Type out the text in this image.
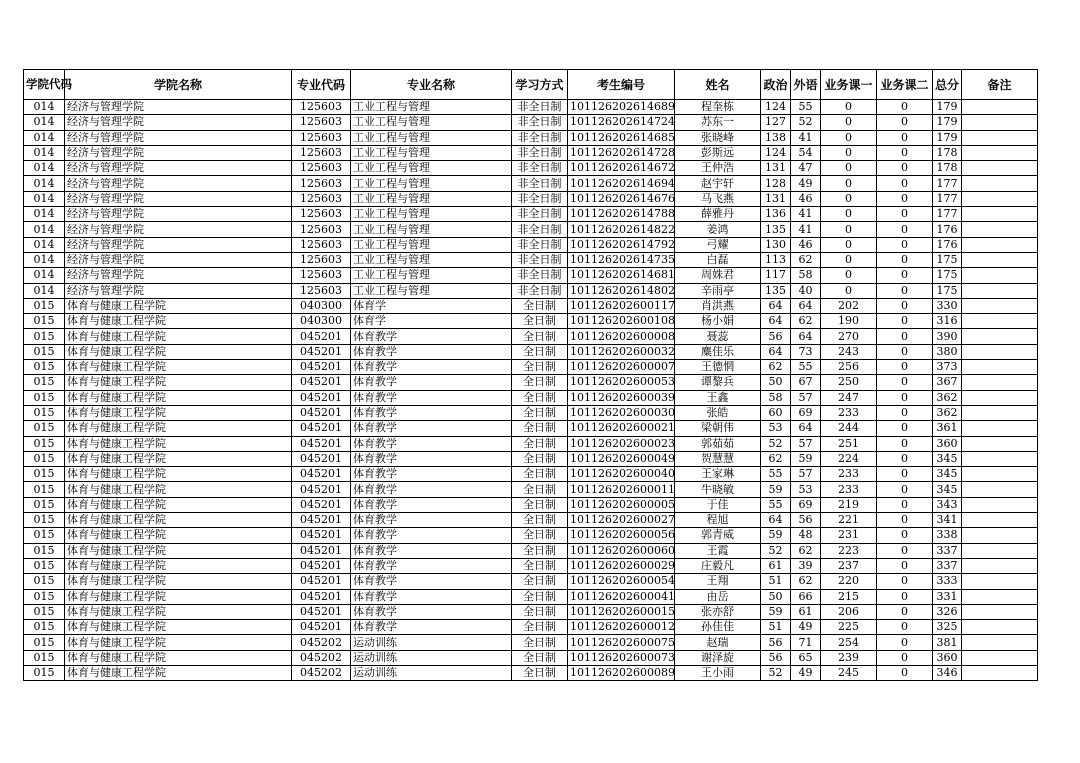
学院代码	学院名称	专业代码	专业名称	学习方式	考生编号	姓名	政治	外语	业务课一	业务课二	总分	备注
014	经济与管理学院	125603	工业工程与管理	非全日制	101126202614689	程奎栋	124	55	0	0	179	
014	经济与管理学院	125603	工业工程与管理	非全日制	101126202614724	苏东一	127	52	0	0	179	
014	经济与管理学院	125603	工业工程与管理	非全日制	101126202614685	张晓峰	138	41	0	0	179	
014	经济与管理学院	125603	工业工程与管理	非全日制	101126202614728	彭斯远	124	54	0	0	178	
014	经济与管理学院	125603	工业工程与管理	非全日制	101126202614672	王仲浩	131	47	0	0	178	
014	经济与管理学院	125603	工业工程与管理	非全日制	101126202614694	赵宇轩	128	49	0	0	177	
014	经济与管理学院	125603	工业工程与管理	非全日制	101126202614676	马飞燕	131	46	0	0	177	
014	经济与管理学院	125603	工业工程与管理	非全日制	101126202614788	薛雅丹	136	41	0	0	177	
014	经济与管理学院	125603	工业工程与管理	非全日制	101126202614822	姜鸿	135	41	0	0	176	
014	经济与管理学院	125603	工业工程与管理	非全日制	101126202614792	弓耀	130	46	0	0	176	
014	经济与管理学院	125603	工业工程与管理	非全日制	101126202614735	白磊	113	62	0	0	175	
014	经济与管理学院	125603	工业工程与管理	非全日制	101126202614681	周姝君	117	58	0	0	175	
014	经济与管理学院	125603	工业工程与管理	非全日制	101126202614802	辛雨亭	135	40	0	0	175	
015	体育与健康工程学院	040300	体育学	全日制	101126202600117	肖洪燕	64	64	202	0	330	
015	体育与健康工程学院	040300	体育学	全日制	101126202600108	杨小娟	64	62	190	0	316	
015	体育与健康工程学院	045201	体育教学	全日制	101126202600008	聂蕊	56	64	270	0	390	
015	体育与健康工程学院	045201	体育教学	全日制	101126202600032	麋佳乐	64	73	243	0	380	
015	体育与健康工程学院	045201	体育教学	全日制	101126202600007	王德惘	62	55	256	0	373	
015	体育与健康工程学院	045201	体育教学	全日制	101126202600053	谭黎兵	50	67	250	0	367	
015	体育与健康工程学院	045201	体育教学	全日制	101126202600039	王鑫	58	57	247	0	362	
015	体育与健康工程学院	045201	体育教学	全日制	101126202600030	张皓	60	69	233	0	362	
015	体育与健康工程学院	045201	体育教学	全日制	101126202600021	梁朝伟	53	64	244	0	361	
015	体育与健康工程学院	045201	体育教学	全日制	101126202600023	郭茹茹	52	57	251	0	360	
015	体育与健康工程学院	045201	体育教学	全日制	101126202600049	贺慧慧	62	59	224	0	345	
015	体育与健康工程学院	045201	体育教学	全日制	101126202600040	王家琳	55	57	233	0	345	
015	体育与健康工程学院	045201	体育教学	全日制	101126202600011	牛晓敏	59	53	233	0	345	
015	体育与健康工程学院	045201	体育教学	全日制	101126202600005	于佳	55	69	219	0	343	
015	体育与健康工程学院	045201	体育教学	全日制	101126202600027	程旭	64	56	221	0	341	
015	体育与健康工程学院	045201	体育教学	全日制	101126202600056	郭青威	59	48	231	0	338	
015	体育与健康工程学院	045201	体育教学	全日制	101126202600060	王霞	52	62	223	0	337	
015	体育与健康工程学院	045201	体育教学	全日制	101126202600029	庄毅凡	61	39	237	0	337	
015	体育与健康工程学院	045201	体育教学	全日制	101126202600054	王翔	51	62	220	0	333	
015	体育与健康工程学院	045201	体育教学	全日制	101126202600041	由岳	50	66	215	0	331	
015	体育与健康工程学院	045201	体育教学	全日制	101126202600015	张亦舒	59	61	206	0	326	
015	体育与健康工程学院	045201	体育教学	全日制	101126202600012	孙佳佳	51	49	225	0	325	
015	体育与健康工程学院	045202	运动训练	全日制	101126202600075	赵瑞	56	71	254	0	381	
015	体育与健康工程学院	045202	运动训练	全日制	101126202600073	谢泽旋	56	65	239	0	360	
015	体育与健康工程学院	045202	运动训练	全日制	101126202600089	王小雨	52	49	245	0	346	
